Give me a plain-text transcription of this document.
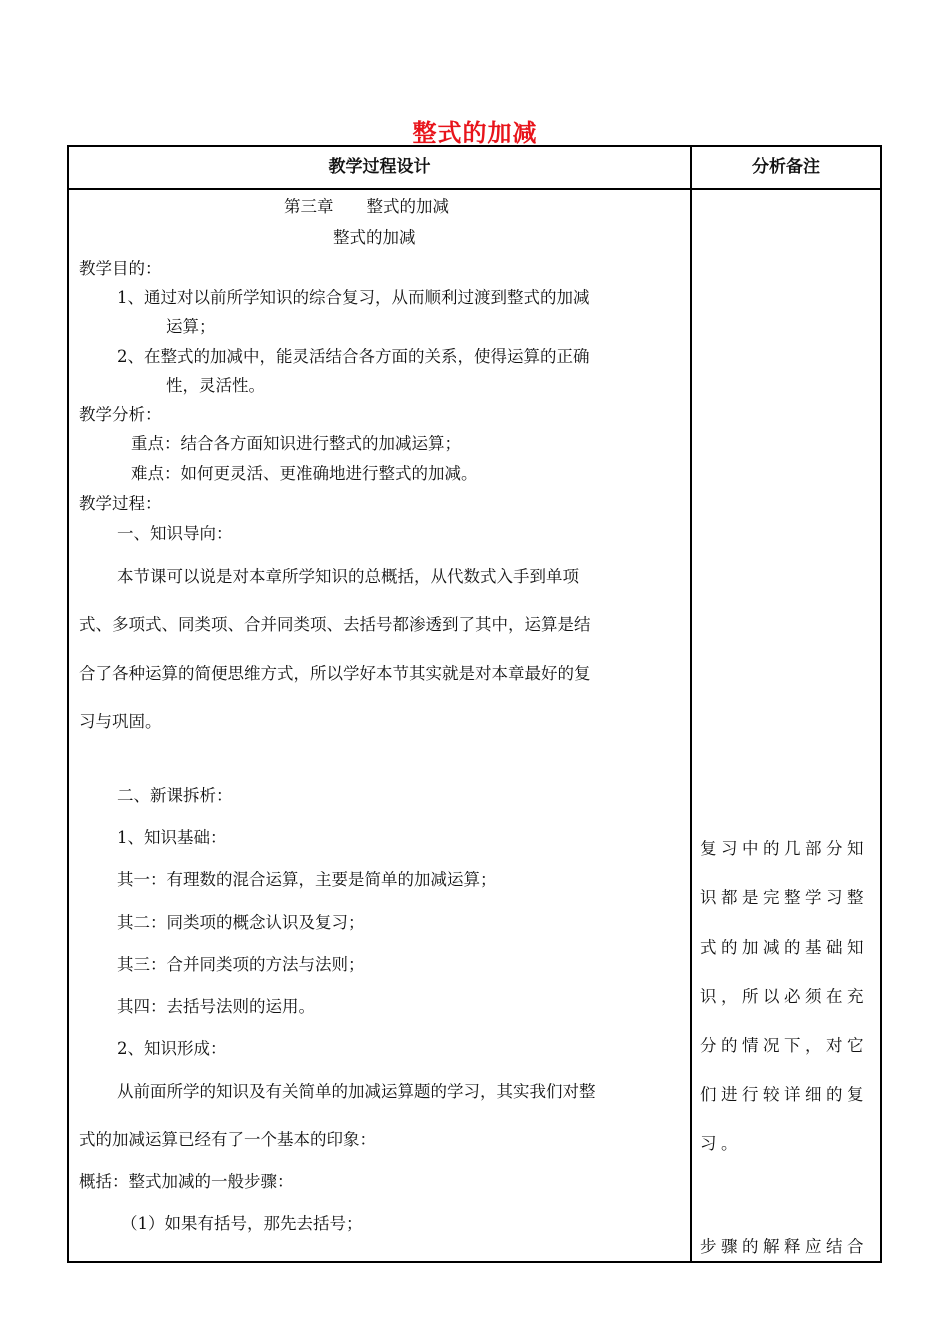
整式的加减
教学过程设计	分析备注
第三章　　整式的加减
整式的加减
教学目的：
1、通过对以前所学知识的综合复习，从而顺利过渡到整式的加减
运算；
2、在整式的加减中，能灵活结合各方面的关系，使得运算的正确
性，灵活性。
教学分析：
重点：结合各方面知识进行整式的加减运算；
难点：如何更灵活、更准确地进行整式的加减。
教学过程：
一、知识导向：
本节课可以说是对本章所学知识的总概括，从代数式入手到单项
式、多项式、同类项、合并同类项、去括号都渗透到了其中，运算是结
合了各种运算的简便思维方式，所以学好本节其实就是对本章最好的复
习与巩固。
二、新课拆析：
1、知识基础：
其一：有理数的混合运算，主要是简单的加减运算；
其二：同类项的概念认识及复习；
其三：合并同类项的方法与法则；
其四：去括号法则的运用。
2、知识形成：
从前面所学的知识及有关简单的加减运算题的学习，其实我们对整
式的加减运算已经有了一个基本的印象：
概括：整式加减的一般步骤：
（1）如果有括号，那先去括号；
复习中的几部分知
识都是完整学习整
式的加减的基础知
识，所以必须在充
分的情况下，对它
们进行较详细的复
习。
步骤的解释应结合
